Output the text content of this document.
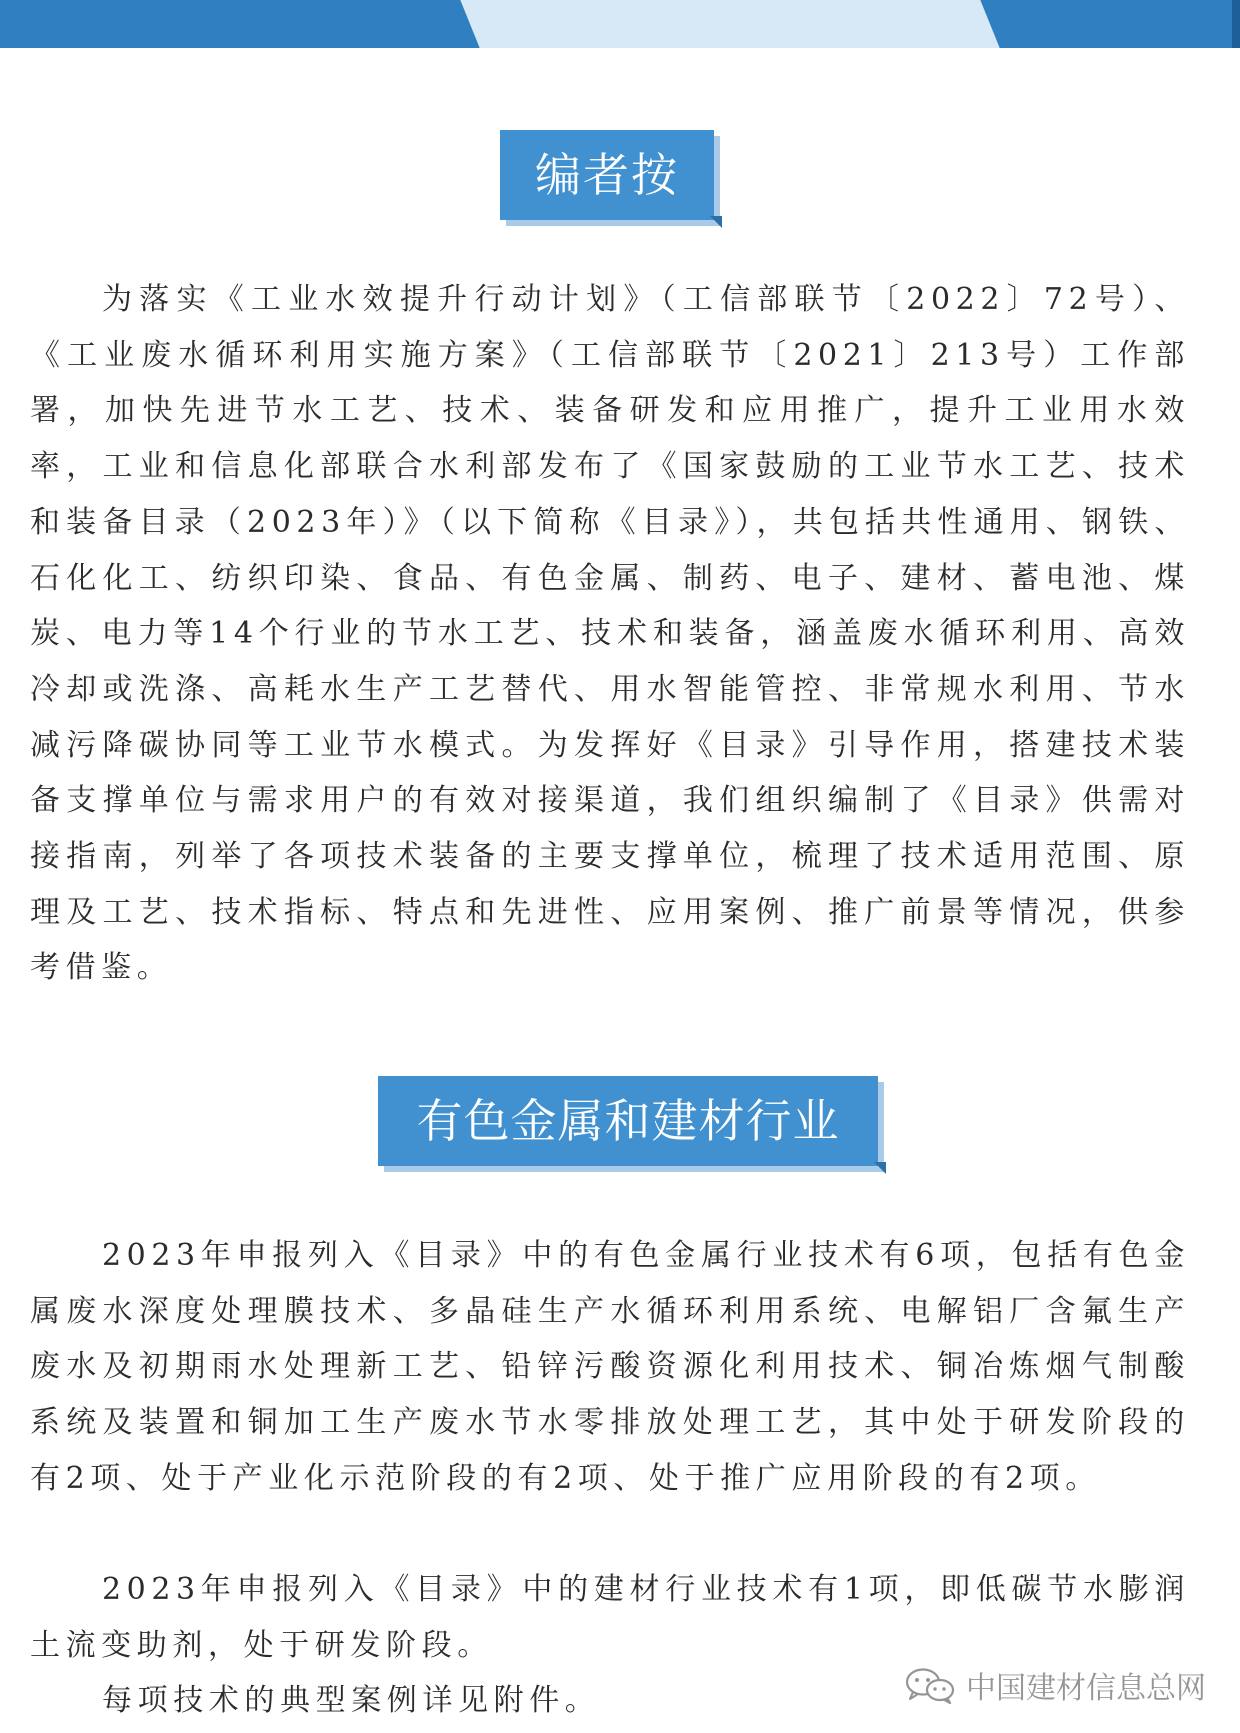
编者按

为落实《工业水效提升行动计划》（工信部联节〔2022〕72号）、《工业废水循环利用实施方案》（工信部联节〔2021〕213号）工作部署，加快先进节水工艺、技术、装备研发和应用推广，提升工业用水效率，工业和信息化部联合水利部发布了《国家鼓励的工业节水工艺、技术和装备目录（2023年）》（以下简称《目录》），共包括共性通用、钢铁、石化化工、纺织印染、食品、有色金属、制药、电子、建材、蓄电池、煤炭、电力等14个行业的节水工艺、技术和装备，涵盖废水循环利用、高效冷却或洗涤、高耗水生产工艺替代、用水智能管控、非常规水利用、节水减污降碳协同等工业节水模式。为发挥好《目录》引导作用，搭建技术装备支撑单位与需求用户的有效对接渠道，我们组织编制了《目录》供需对接指南，列举了各项技术装备的主要支撑单位，梳理了技术适用范围、原理及工艺、技术指标、特点和先进性、应用案例、推广前景等情况，供参考借鉴。

有色金属和建材行业

2023年申报列入《目录》中的有色金属行业技术有6项，包括有色金属废水深度处理膜技术、多晶硅生产水循环利用系统、电解铝厂含氟生产废水及初期雨水处理新工艺、铅锌污酸资源化利用技术、铜冶炼烟气制酸系统及装置和铜加工生产废水节水零排放处理工艺，其中处于研发阶段的有2项、处于产业化示范阶段的有2项、处于推广应用阶段的有2项。

2023年申报列入《目录》中的建材行业技术有1项，即低碳节水膨润土流变助剂，处于研发阶段。

每项技术的典型案例详见附件。	中国建材信息总网
